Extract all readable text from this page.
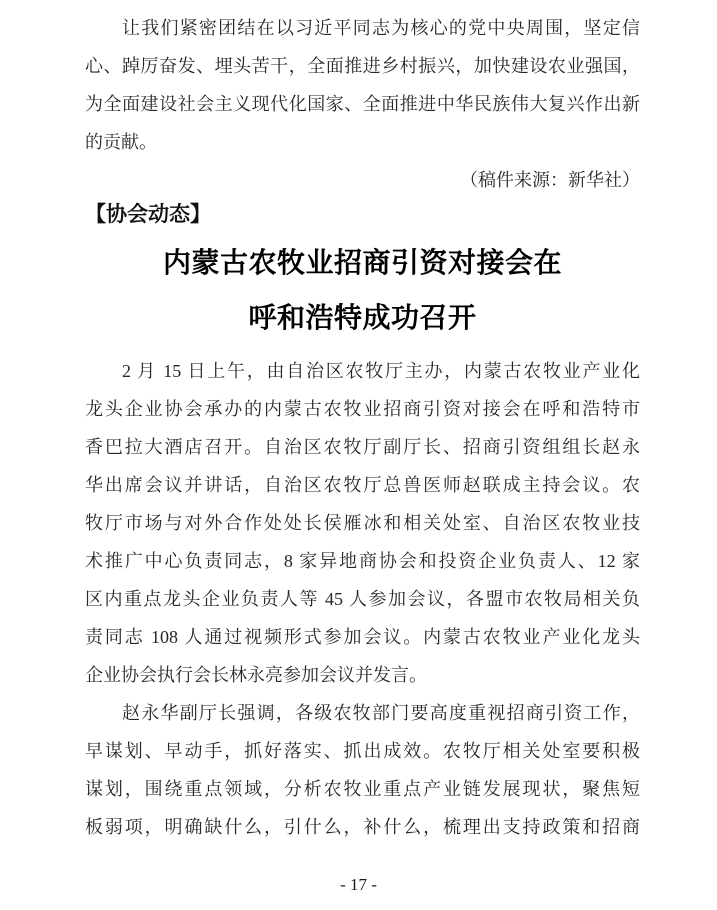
让我们紧密团结在以习近平同志为核心的党中央周围，坚定信
心、踔厉奋发、埋头苦干，全面推进乡村振兴，加快建设农业强国，
为全面建设社会主义现代化国家、全面推进中华民族伟大复兴作出新
的贡献。
（稿件来源：新华社）
【协会动态】
内蒙古农牧业招商引资对接会在
呼和浩特成功召开
2 月 15 日上午，由自治区农牧厅主办，内蒙古农牧业产业化
龙头企业协会承办的内蒙古农牧业招商引资对接会在呼和浩特市
香巴拉大酒店召开。自治区农牧厅副厅长、招商引资组组长赵永
华出席会议并讲话，自治区农牧厅总兽医师赵联成主持会议。农
牧厅市场与对外合作处处长侯雁冰和相关处室、自治区农牧业技
术推广中心负责同志，8 家异地商协会和投资企业负责人、12 家
区内重点龙头企业负责人等 45 人参加会议，各盟市农牧局相关负
责同志 108 人通过视频形式参加会议。内蒙古农牧业产业化龙头
企业协会执行会长林永亮参加会议并发言。
赵永华副厅长强调，各级农牧部门要高度重视招商引资工作，
早谋划、早动手，抓好落实、抓出成效。农牧厅相关处室要积极
谋划，围绕重点领域，分析农牧业重点产业链发展现状，聚焦短
板弱项，明确缺什么，引什么，补什么，梳理出支持政策和招商
- 17 -
